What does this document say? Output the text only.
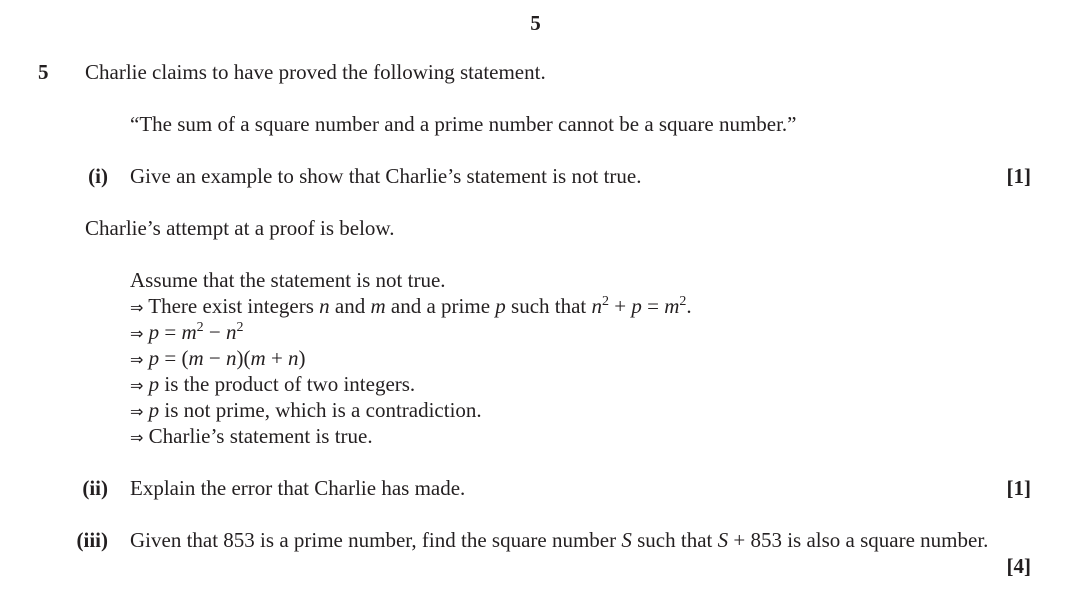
5
5 Charlie claims to have proved the following statement.
“The sum of a square number and a prime number cannot be a square number.”
(i) Give an example to show that Charlie’s statement is not true.	[1]
Charlie’s attempt at a proof is below.
Assume that the statement is not true.
⇒ There exist integers n and m and a prime p such that $n^2 + p = m^2$.
⇒ $p = m^2 - n^2$
⇒ p = (m − n)(m + n)
⇒ p is the product of two integers.
⇒ p is not prime, which is a contradiction.
⇒ Charlie’s statement is true.
(ii) Explain the error that Charlie has made.	[1]
(iii) Given that 853 is a prime number, find the square number S such that S + 853 is also a square number.
[4]
